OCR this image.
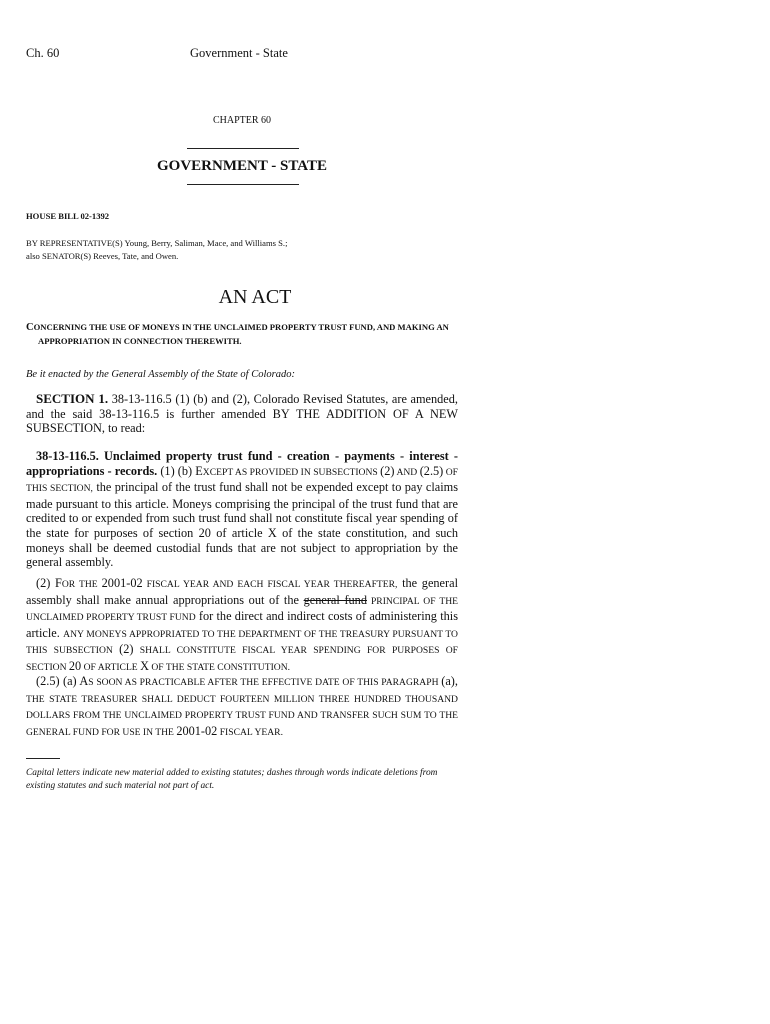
Ch. 60	Government - State
CHAPTER 60
GOVERNMENT - STATE
HOUSE BILL 02-1392
BY REPRESENTATIVE(S) Young, Berry, Saliman, Mace, and Williams S.;
also SENATOR(S) Reeves, Tate, and Owen.
AN ACT
CONCERNING THE USE OF MONEYS IN THE UNCLAIMED PROPERTY TRUST FUND, AND MAKING AN
APPROPRIATION IN CONNECTION THEREWITH.
Be it enacted by the General Assembly of the State of Colorado:
SECTION 1. 38-13-116.5 (1) (b) and (2), Colorado Revised Statutes, are amended, and the said 38-13-116.5 is further amended BY THE ADDITION OF A NEW SUBSECTION, to read:
38-13-116.5. Unclaimed property trust fund - creation - payments - interest - appropriations - records. (1) (b) EXCEPT AS PROVIDED IN SUBSECTIONS (2) AND (2.5) OF THIS SECTION, the principal of the trust fund shall not be expended except to pay claims made pursuant to this article. Moneys comprising the principal of the trust fund that are credited to or expended from such trust fund shall not constitute fiscal year spending of the state for purposes of section 20 of article X of the state constitution, and such moneys shall be deemed custodial funds that are not subject to appropriation by the general assembly.
(2) FOR THE 2001-02 FISCAL YEAR AND EACH FISCAL YEAR THEREAFTER, the general assembly shall make annual appropriations out of the general fund PRINCIPAL OF THE UNCLAIMED PROPERTY TRUST FUND for the direct and indirect costs of administering this article. ANY MONEYS APPROPRIATED TO THE DEPARTMENT OF THE TREASURY PURSUANT TO THIS SUBSECTION (2) SHALL CONSTITUTE FISCAL YEAR SPENDING FOR PURPOSES OF SECTION 20 OF ARTICLE X OF THE STATE CONSTITUTION.
(2.5) (a) AS SOON AS PRACTICABLE AFTER THE EFFECTIVE DATE OF THIS PARAGRAPH (a), THE STATE TREASURER SHALL DEDUCT FOURTEEN MILLION THREE HUNDRED THOUSAND DOLLARS FROM THE UNCLAIMED PROPERTY TRUST FUND AND TRANSFER SUCH SUM TO THE GENERAL FUND FOR USE IN THE 2001-02 FISCAL YEAR.
Capital letters indicate new material added to existing statutes; dashes through words indicate deletions from existing statutes and such material not part of act.
